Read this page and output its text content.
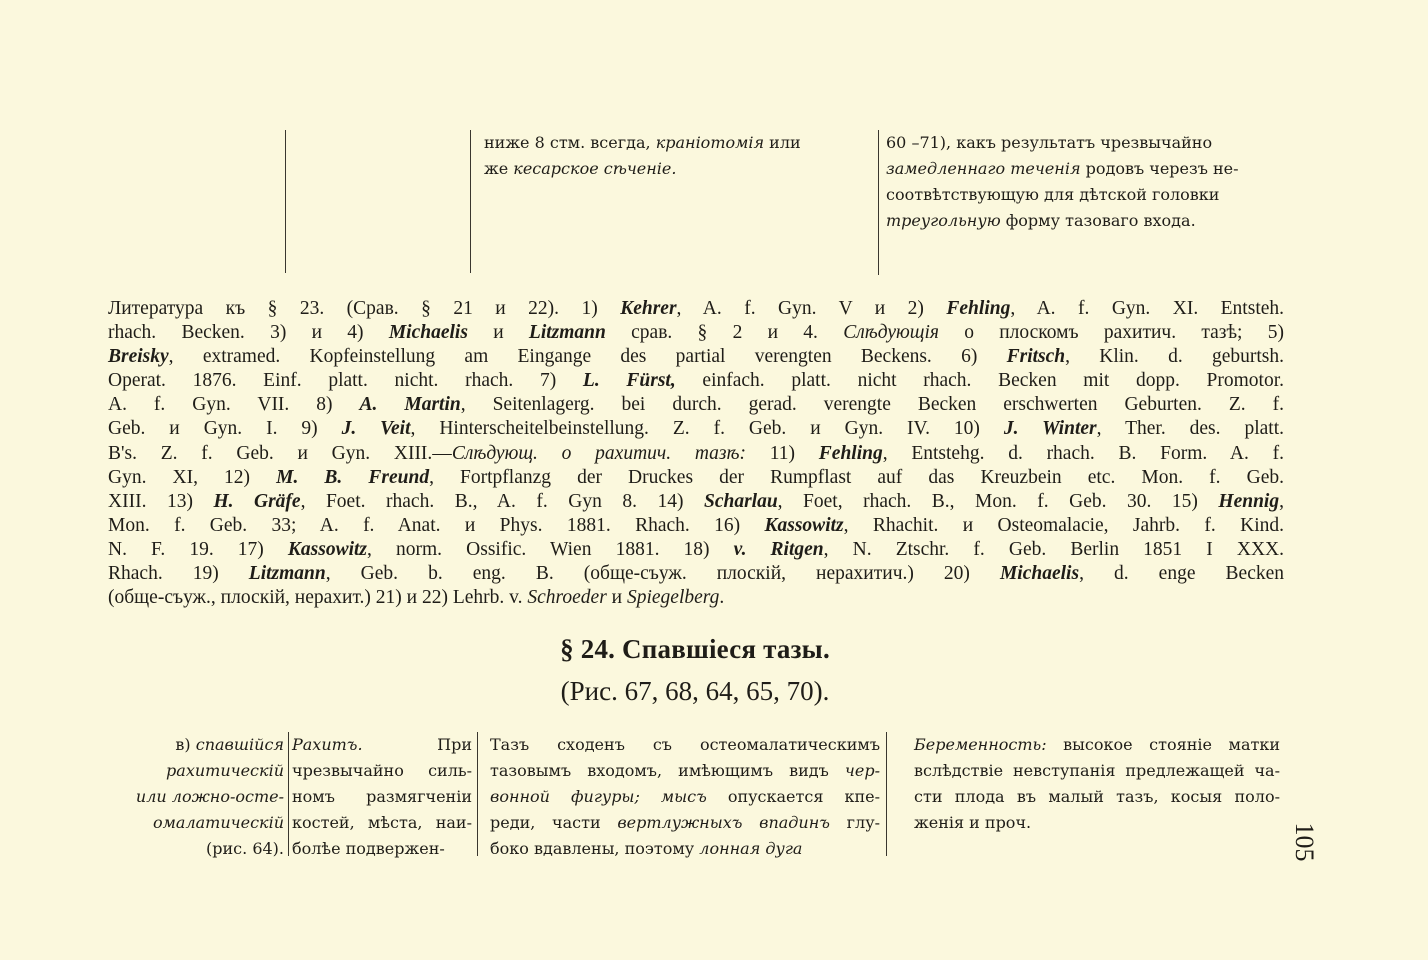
ниже 8 стм. всегда, краніотомія или
же кесарское сѣченіе.
60 –71), какъ результатъ чрезвычайно
замедленнаго теченія родовъ черезъ не-
соотвѣтствующую для дѣтской головки
треугольную форму тазоваго входа.
Литература къ § 23. (Срав. § 21 и 22). 1) Kehrer, A. f. Gyn. V и 2) Fehling, A. f. Gyn. XI. Entsteh.
rhach. Becken. 3) и 4) Michaelis и Litzmann срав. § 2 и 4. Слѣдующія о плоскомъ рахитич. тазѣ; 5)
Breisky, extramed. Kopfeinstellung am Eingange des partial verengten Beckens. 6) Fritsch, Klin. d. geburtsh.
Operat. 1876. Einf. platt. nicht. rhach. 7) L. Fürst, einfach. platt. nicht rhach. Becken mit dopp. Promotor.
A. f. Gyn. VII. 8) A. Martin, Seitenlagerg. bei durch. gerad. verengte Becken erschwerten Geburten. Z. f.
Geb. и Gyn. I. 9) J. Veit, Hinterscheitelbeinstellung. Z. f. Geb. и Gyn. IV. 10) J. Winter, Ther. des. platt.
B's. Z. f. Geb. и Gyn. XIII.—Слѣдующ. о рахитич. тазѣ: 11) Fehling, Entstehg. d. rhach. B. Form. A. f.
Gyn. XI, 12) M. B. Freund, Fortpflanzg der Druckes der Rumpflast auf das Kreuzbein etc. Mon. f. Geb.
XIII. 13) H. Gräfe, Foet. rhach. B., A. f. Gyn 8. 14) Scharlau, Foet, rhach. B., Mon. f. Geb. 30. 15) Hennig,
Mon. f. Geb. 33; A. f. Anat. и Phys. 1881. Rhach. 16) Kassowitz, Rhachit. и Osteomalacie, Jahrb. f. Kind.
N. F. 19. 17) Kassowitz, norm. Ossific. Wien 1881. 18) v. Ritgen, N. Ztschr. f. Geb. Berlin 1851 I XXX.
Rhach. 19) Litzmann, Geb. b. eng. B. (обще-съуж. плоскій, нерахитич.) 20) Michaelis, d. enge Becken
(обще-съуж., плоскій, нерахит.) 21) и 22) Lehrb. v. Schroeder и Spiegelberg.
§ 24. Спавшіеся тазы.
(Рис. 67, 68, 64, 65, 70).
в) спавшійся
рахитическій
или ложно-остe-
омалатическій
(рис. 64).
Рахитъ. При
чрезвычайно силь-
номъ размягченіи
костей, мѣста, наи-
болѣе подвержен-
Тазъ сходенъ съ остеомалатическимъ
тазовымъ входомъ, имѣющимъ видъ чер-
вонной фигуры; мысъ опускается кпе-
реди, части вертлужныхъ впадинъ глу-
боко вдавлены, поэтому лонная дуга
Беременность: высокое стояніе матки
вслѣдствіе невступанія предлежащей ча-
сти плода въ малый тазъ, косыя поло-
женія и проч.	105
